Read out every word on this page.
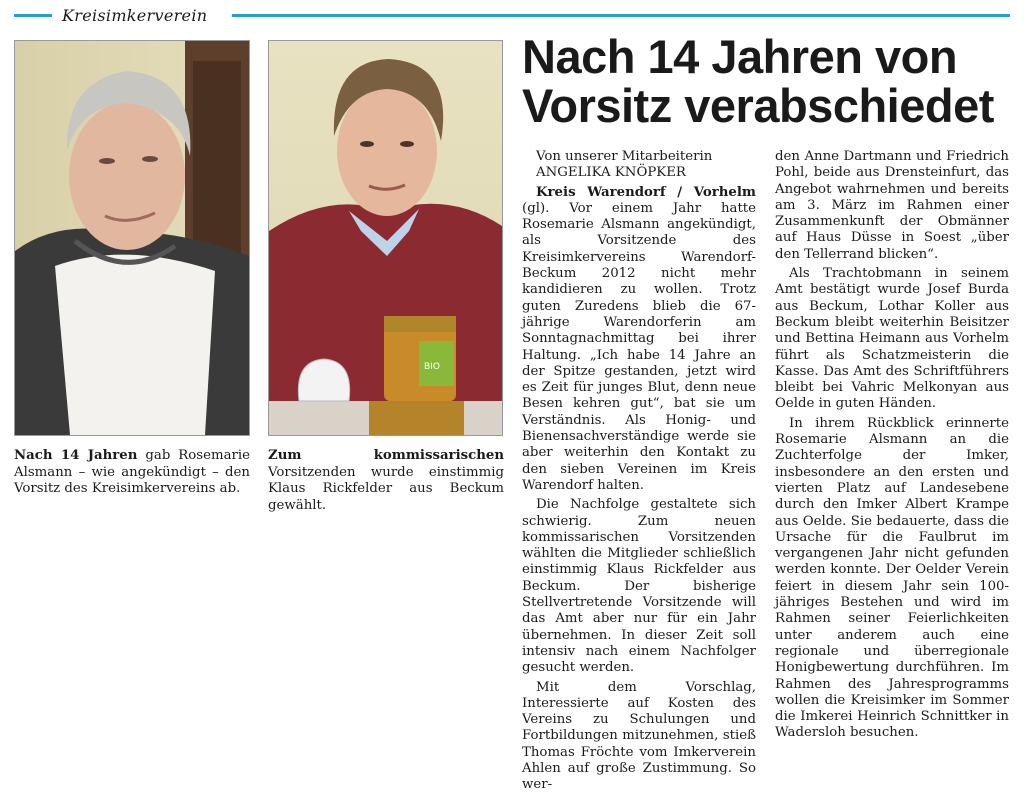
Kreisimkerverein
BIO
Nach 14 Jahren gab Rosemarie Alsmann – wie angekündigt – den Vorsitz des Kreisimkervereins ab.
Zum kommissarischen Vorsitzenden wurde einstimmig Klaus Rickfelder aus Beckum gewählt.
Nach 14 Jahren von Vorsitz verabschiedet

Von unserer Mitarbeiterin
ANGELIKA KNÖPKER

Kreis Warendorf / Vorhelm (gl). Vor einem Jahr hatte Rosemarie Alsmann angekündigt, als Vorsitzende des Kreisimkervereins Warendorf-Beckum 2012 nicht mehr kandidieren zu wollen. Trotz guten Zuredens blieb die 67-jährige Warendorferin am Sonntagnachmittag bei ihrer Haltung. „Ich habe 14 Jahre an der Spitze gestanden, jetzt wird es Zeit für junges Blut, denn neue Besen kehren gut“, bat sie um Verständnis. Als Honig- und Bienensachverständige werde sie aber weiterhin den Kontakt zu den sieben Vereinen im Kreis Warendorf halten.

Die Nachfolge gestaltete sich schwierig. Zum neuen kommissarischen Vorsitzenden wählten die Mitglieder schließlich einstimmig Klaus Rickfelder aus Beckum. Der bisherige Stellvertretende Vorsitzende will das Amt aber nur für ein Jahr übernehmen. In dieser Zeit soll intensiv nach einem Nachfolger gesucht werden.

Mit dem Vorschlag, Interessierte auf Kosten des Vereins zu Schulungen und Fortbildungen mitzunehmen, stieß Thomas Fröchte vom Imkerverein Ahlen auf große Zustimmung. So wer-

den Anne Dartmann und Friedrich Pohl, beide aus Drensteinfurt, das Angebot wahrnehmen und bereits am 3. März im Rahmen einer Zusammenkunft der Obmänner auf Haus Düsse in Soest „über den Tellerrand blicken“.

Als Trachtobmann in seinem Amt bestätigt wurde Josef Burda aus Beckum, Lothar Koller aus Beckum bleibt weiterhin Beisitzer und Bettina Heimann aus Vorhelm führt als Schatzmeisterin die Kasse. Das Amt des Schriftführers bleibt bei Vahric Melkonyan aus Oelde in guten Händen.

In ihrem Rückblick erinnerte Rosemarie Alsmann an die Zuchterfolge der Imker, insbesondere an den ersten und vierten Platz auf Landesebene durch den Imker Albert Krampe aus Oelde. Sie bedauerte, dass die Ursache für die Faulbrut im vergangenen Jahr nicht gefunden werden konnte. Der Oelder Verein feiert in diesem Jahr sein 100-jähriges Bestehen und wird im Rahmen seiner Feierlichkeiten unter anderem auch eine regionale und überregionale Honigbewertung durchführen. Im Rahmen des Jahresprogramms wollen die Kreisimker im Sommer die Imkerei Heinrich Schnittker in Wadersloh besuchen.
